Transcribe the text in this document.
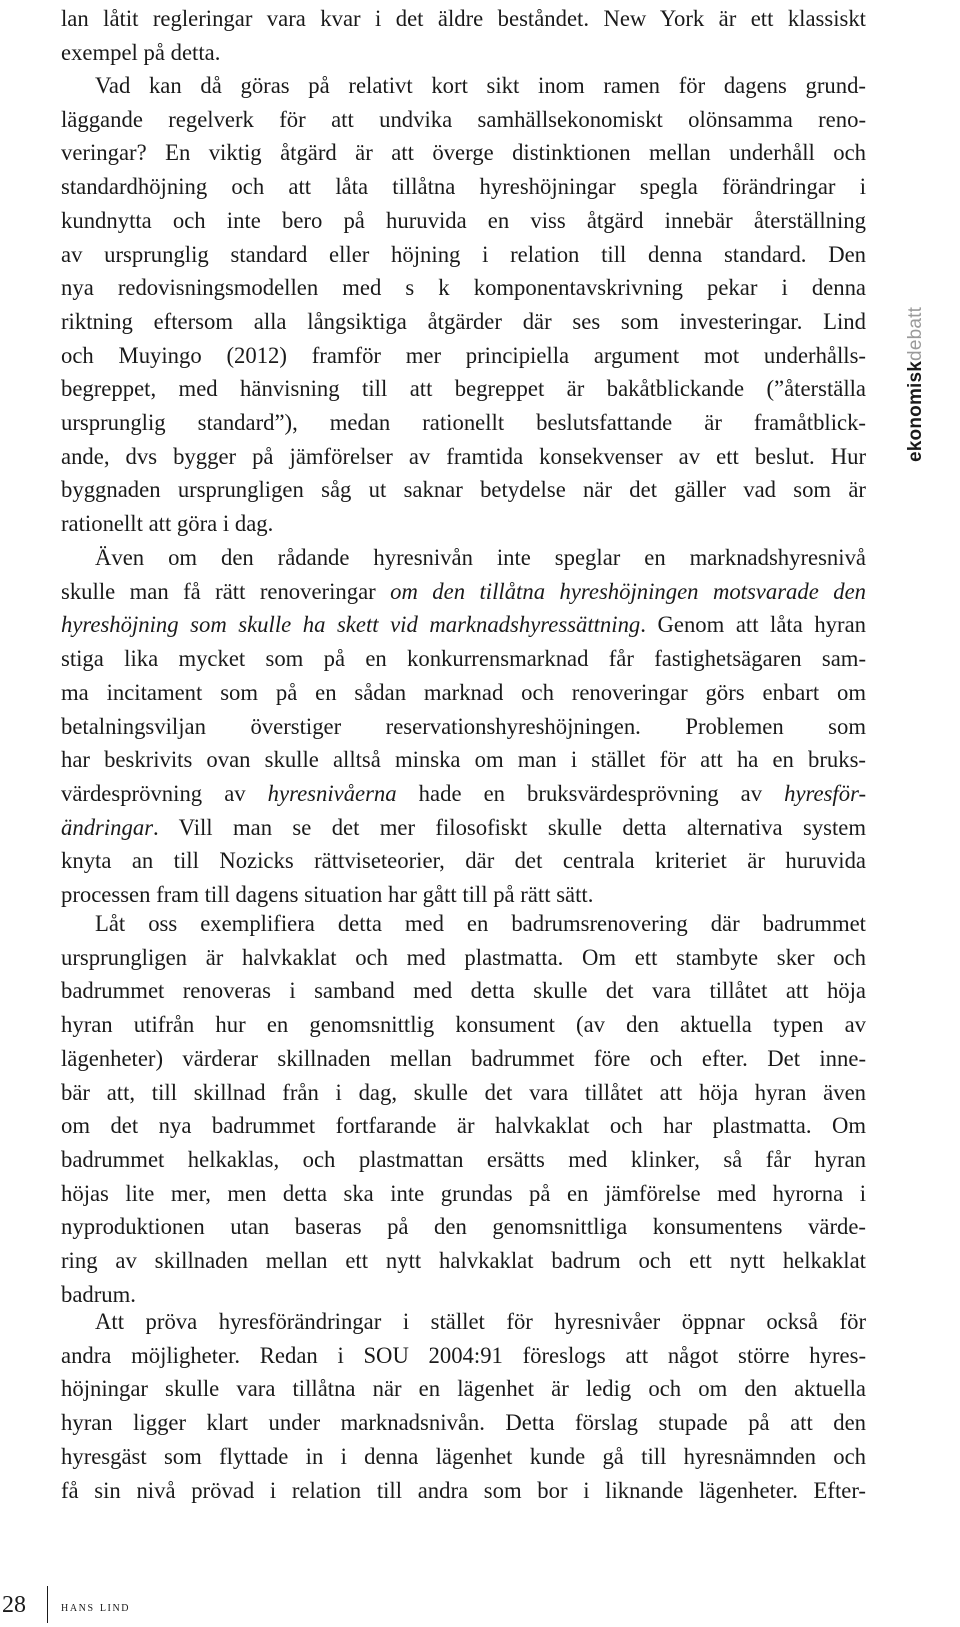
lan låtit regleringar vara kvar i det äldre beståndet. New York är ett klassiskt
exempel på detta.

Vad kan då göras på relativt kort sikt inom ramen för dagens grund-
läggande regelverk för att undvika samhällsekonomiskt olönsamma reno-
veringar? En viktig åtgärd är att överge distinktionen mellan underhåll och
standardhöjning och att låta tillåtna hyreshöjningar spegla förändringar i
kundnytta och inte bero på huruvida en viss åtgärd innebär återställning
av ursprunglig standard eller höjning i relation till denna standard. Den
nya redovisningsmodellen med s k komponentavskrivning pekar i denna
riktning eftersom alla långsiktiga åtgärder där ses som investeringar. Lind
och Muyingo (2012) framför mer principiella argument mot underhålls-
begreppet, med hänvisning till att begreppet är bakåtblickande (”återställa
ursprunglig standard”), medan rationellt beslutsfattande är framåtblick-
ande, dvs bygger på jämförelser av framtida konsekvenser av ett beslut. Hur
byggnaden ursprungligen såg ut saknar betydelse när det gäller vad som är
rationellt att göra i dag.

Även om den rådande hyresnivån inte speglar en marknadshyresnivå
skulle man få rätt renoveringar om den tillåtna hyreshöjningen motsvarade den
hyreshöjning som skulle ha skett vid marknadshyressättning. Genom att låta hyran
stiga lika mycket som på en konkurrensmarknad får fastighetsägaren sam-
ma incitament som på en sådan marknad och renoveringar görs enbart om
betalningsviljan överstiger reservationshyreshöjningen. Problemen som
har beskrivits ovan skulle alltså minska om man i stället för att ha en bruks-
värdesprövning av hyresnivåerna hade en bruksvärdesprövning av hyresför-
ändringar. Vill man se det mer filosofiskt skulle detta alternativa system
knyta an till Nozicks rättviseteorier, där det centrala kriteriet är huruvida
processen fram till dagens situation har gått till på rätt sätt.

Låt oss exemplifiera detta med en badrumsrenovering där badrummet
ursprungligen är halvkaklat och med plastmatta. Om ett stambyte sker och
badrummet renoveras i samband med detta skulle det vara tillåtet att höja
hyran utifrån hur en genomsnittlig konsument (av den aktuella typen av
lägenheter) värderar skillnaden mellan badrummet före och efter. Det inne-
bär att, till skillnad från i dag, skulle det vara tillåtet att höja hyran även
om det nya badrummet fortfarande är halvkaklat och har plastmatta. Om
badrummet helkaklas, och plastmattan ersätts med klinker, så får hyran
höjas lite mer, men detta ska inte grundas på en jämförelse med hyrorna i
nyproduktionen utan baseras på den genomsnittliga konsumentens värde-
ring av skillnaden mellan ett nytt halvkaklat badrum och ett nytt helkaklat
badrum.

Att pröva hyresförändringar i stället för hyresnivåer öppnar också för
andra möjligheter. Redan i SOU 2004:91 föreslogs att något större hyres-
höjningar skulle vara tillåtna när en lägenhet är ledig och om den aktuella
hyran ligger klart under marknadsnivån. Detta förslag stupade på att den
hyresgäst som flyttade in i denna lägenhet kunde gå till hyresnämnden och
få sin nivå prövad i relation till andra som bor i liknande lägenheter. Efter-

ekonomiskdebatt
28 hans lind
